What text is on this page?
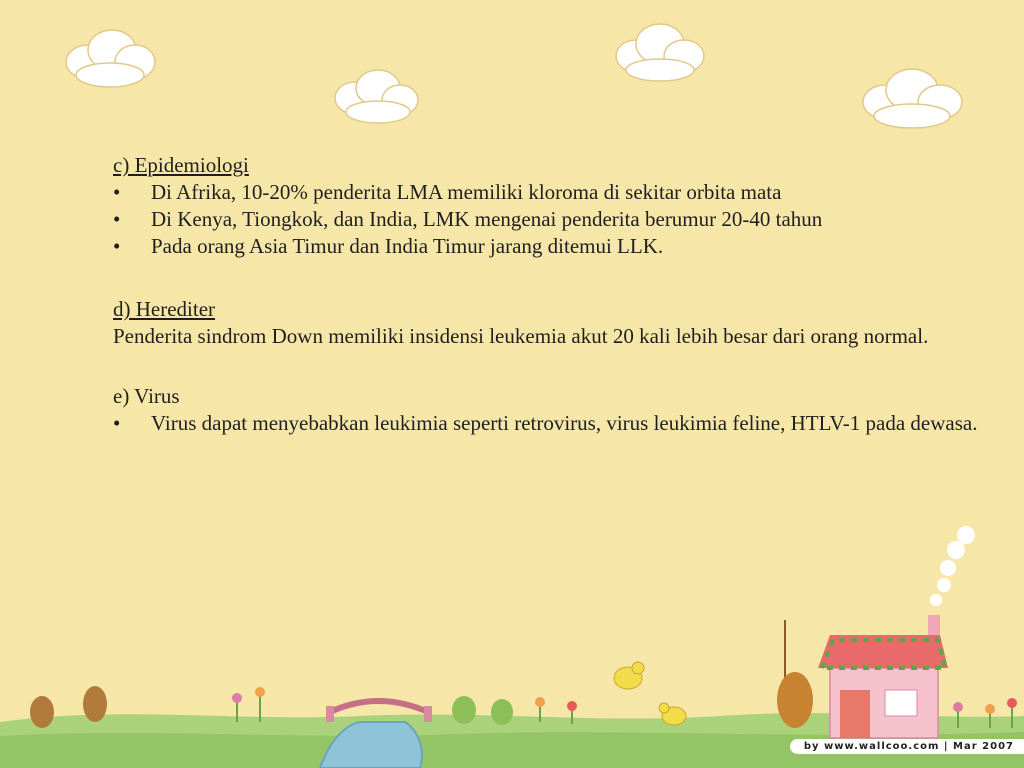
c) Epidemiologi
•	Di Afrika, 10-20% penderita LMA memiliki kloroma di sekitar orbita mata
•	Di Kenya, Tiongkok, dan India, LMK mengenai penderita berumur 20-40 tahun
•	Pada orang Asia Timur dan India Timur jarang ditemui LLK.
d) Herediter
Penderita sindrom Down memiliki insidensi leukemia akut 20 kali lebih besar dari orang normal.
e) Virus
•	Virus dapat menyebabkan leukimia seperti retrovirus, virus leukimia feline, HTLV-1 pada dewasa.
by www.wallcoo.com | Mar 2007
